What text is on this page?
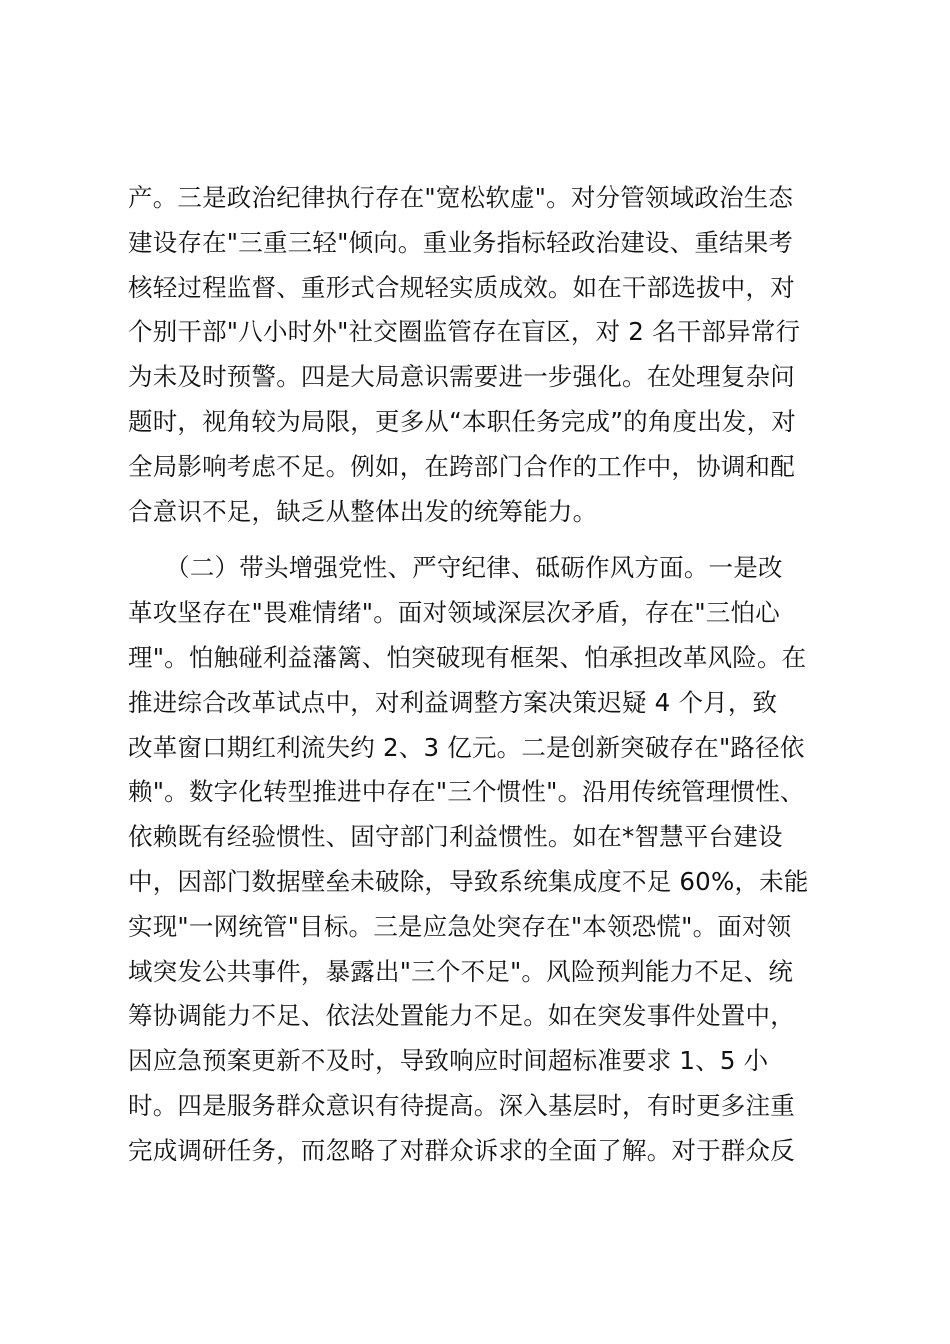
产。三是政治纪律执行存在"宽松软虚"。对分管领域政治生态
建设存在"三重三轻"倾向。重业务指标轻政治建设、重结果考
核轻过程监督、重形式合规轻实质成效。如在干部选拔中，对
个别干部"八小时外"社交圈监管存在盲区，对 2 名干部异常行
为未及时预警。四是大局意识需要进一步强化。在处理复杂问
题时，视角较为局限，更多从“本职任务完成”的角度出发，对
全局影响考虑不足。例如，在跨部门合作的工作中，协调和配
合意识不足，缺乏从整体出发的统筹能力。
　　（二）带头增强党性、严守纪律、砥砺作风方面。一是改
革攻坚存在"畏难情绪"。面对领域深层次矛盾，存在"三怕心
理"。怕触碰利益藩篱、怕突破现有框架、怕承担改革风险。在
推进综合改革试点中，对利益调整方案决策迟疑 4 个月，致
改革窗口期红利流失约 2、3 亿元。二是创新突破存在"路径依
赖"。数字化转型推进中存在"三个惯性"。沿用传统管理惯性、
依赖既有经验惯性、固守部门利益惯性。如在*智慧平台建设
中，因部门数据壁垒未破除，导致系统集成度不足 60%，未能
实现"一网统管"目标。三是应急处突存在"本领恐慌"。面对领
域突发公共事件，暴露出"三个不足"。风险预判能力不足、统
筹协调能力不足、依法处置能力不足。如在突发事件处置中，
因应急预案更新不及时，导致响应时间超标准要求 1、5 小
时。四是服务群众意识有待提高。深入基层时，有时更多注重
完成调研任务，而忽略了对群众诉求的全面了解。对于群众反
